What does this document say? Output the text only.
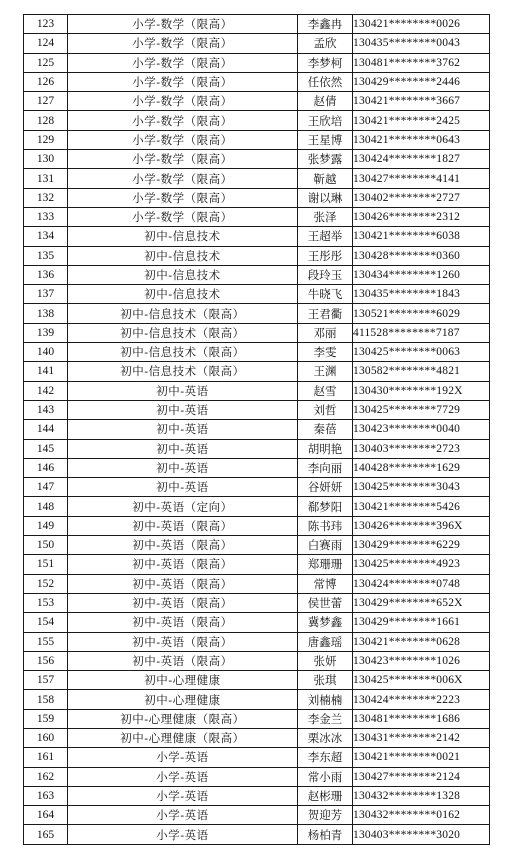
123	小学-数学（限高）	李鑫冉	130421********0026
124	小学-数学（限高）	孟欣	130435********0043
125	小学-数学（限高）	李梦柯	130481********3762
126	小学-数学（限高）	任依然	130429********2446
127	小学-数学（限高）	赵倩	130421********3667
128	小学-数学（限高）	王欣培	130421********2425
129	小学-数学（限高）	王星博	130421********0643
130	小学-数学（限高）	张梦露	130424********1827
131	小学-数学（限高）	靳越	130427********4141
132	小学-数学（限高）	谢以琳	130402********2727
133	小学-数学（限高）	张泽	130426********2312
134	初中-信息技术	王超举	130421********6038
135	初中-信息技术	王彤彤	130428********0360
136	初中-信息技术	段玲玉	130434********1260
137	初中-信息技术	牛晓飞	130435********1843
138	初中-信息技术（限高）	王君衢	130521********6029
139	初中-信息技术（限高）	邓丽	411528********7187
140	初中-信息技术（限高）	李雯	130425********0063
141	初中-信息技术（限高）	王渊	130582********4821
142	初中-英语	赵雪	130430********192X
143	初中-英语	刘哲	130425********7729
144	初中-英语	秦蓓	130423********0040
145	初中-英语	胡明艳	130403********2723
146	初中-英语	李向丽	140428********1629
147	初中-英语	谷妍妍	130425********3043
148	初中-英语（定向）	郗梦阳	130421********5426
149	初中-英语（限高）	陈书玮	130426********396X
150	初中-英语（限高）	白赛雨	130429********6229
151	初中-英语（限高）	郑珊珊	130425********4923
152	初中-英语（限高）	常博	130424********0748
153	初中-英语（限高）	侯世蕾	130429********652X
154	初中-英语（限高）	冀梦鑫	130429********1661
155	初中-英语（限高）	唐鑫瑶	130421********0628
156	初中-英语（限高）	张妍	130423********1026
157	初中-心理健康	张琪	130425********006X
158	初中-心理健康	刘楠楠	130424********2223
159	初中-心理健康（限高）	李金兰	130481********1686
160	初中-心理健康（限高）	栗冰冰	130431********2142
161	小学-英语	李东超	130421********0021
162	小学-英语	常小雨	130427********2124
163	小学-英语	赵彬珊	130432********1328
164	小学-英语	贺迎芳	130432********0162
165	小学-英语	杨柏青	130403********3020
